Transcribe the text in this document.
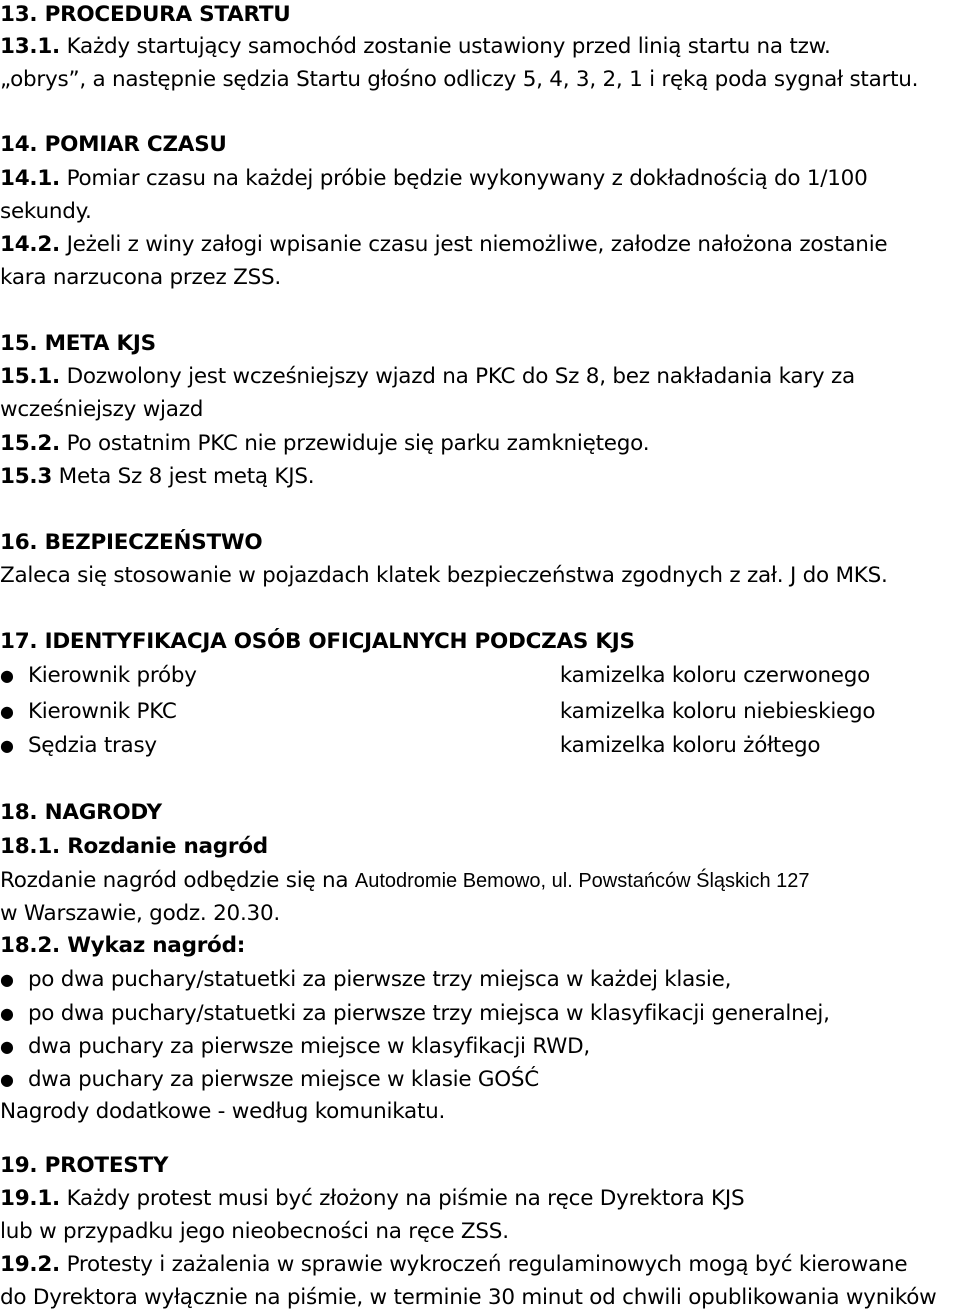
13. PROCEDURA STARTU
13.1. Każdy startujący samochód zostanie ustawiony przed linią startu na tzw.
„obrys”, a następnie sędzia Startu głośno odliczy 5, 4, 3, 2, 1 i ręką poda sygnał startu.
14. POMIAR CZASU
14.1. Pomiar czasu na każdej próbie będzie wykonywany z dokładnością do 1/100
sekundy.
14.2. Jeżeli z winy załogi wpisanie czasu jest niemożliwe, załodze nałożona zostanie
kara narzucona przez ZSS.
15. META KJS
15.1. Dozwolony jest wcześniejszy wjazd na PKC do Sz 8, bez nakładania kary za
wcześniejszy wjazd
15.2. Po ostatnim PKC nie przewiduje się parku zamkniętego.
15.3 Meta Sz 8 jest metą KJS.
16. BEZPIECZEŃSTWO
Zaleca się stosowanie w pojazdach klatek bezpieczeństwa zgodnych z zał. J do MKS.
17. IDENTYFIKACJA OSÓB OFICJALNYCH PODCZAS KJS
● Kierownik próby	kamizelka koloru czerwonego
● Kierownik PKC	kamizelka koloru niebieskiego
● Sędzia trasy	kamizelka koloru żółtego
18. NAGRODY
18.1. Rozdanie nagród
Rozdanie nagród odbędzie się na Autodromie Bemowo, ul. Powstańców Śląskich 127
w Warszawie, godz. 20.30.
18.2. Wykaz nagród:
● po dwa puchary/statuetki za pierwsze trzy miejsca w każdej klasie,
● po dwa puchary/statuetki za pierwsze trzy miejsca w klasyfikacji generalnej,
● dwa puchary za pierwsze miejsce w klasyfikacji RWD,
● dwa puchary za pierwsze miejsce w klasie GOŚĆ
Nagrody dodatkowe - według komunikatu.
19. PROTESTY
19.1. Każdy protest musi być złożony na piśmie na ręce Dyrektora KJS
lub w przypadku jego nieobecności na ręce ZSS.
19.2. Protesty i zażalenia w sprawie wykroczeń regulaminowych mogą być kierowane
do Dyrektora wyłącznie na piśmie, w terminie 30 minut od chwili opublikowania wyników
